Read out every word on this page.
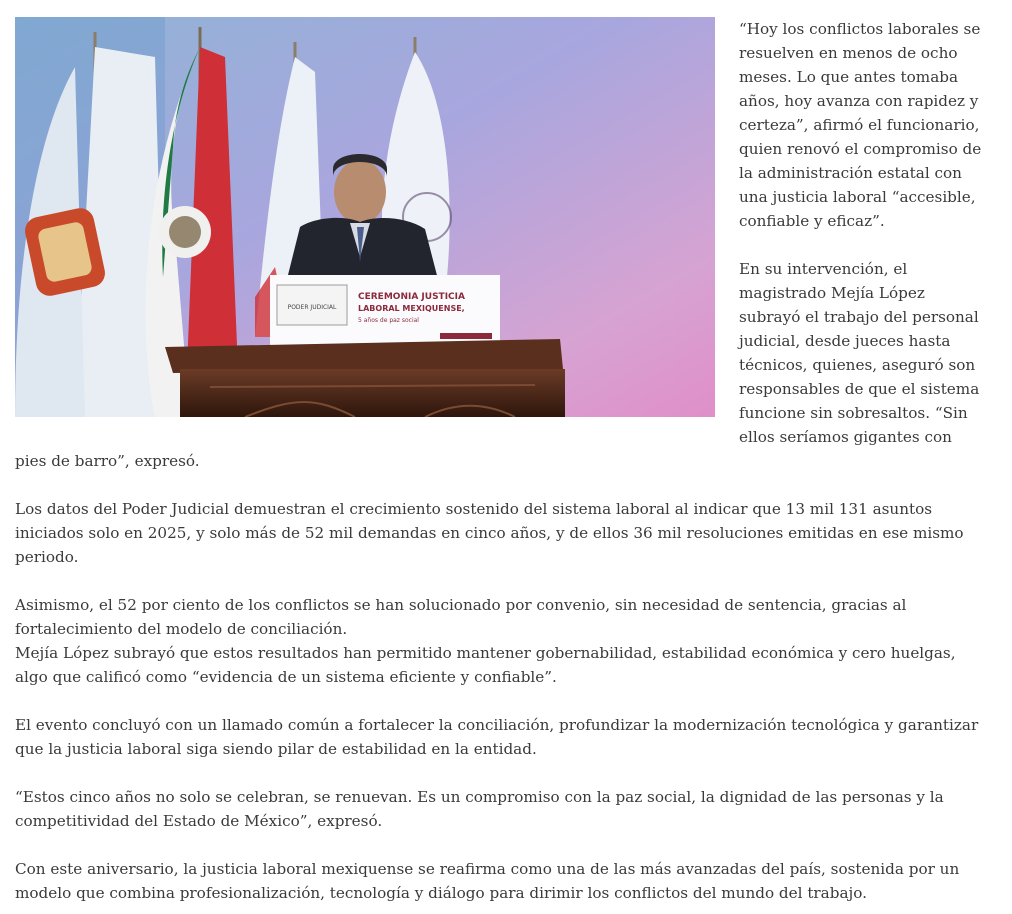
PODER JUDICIAL
CEREMONIA JUSTICIA
LABORAL MEXIQUENSE,
5 años de paz social

“Hoy los conflictos laborales se resuelven en menos de ocho meses. Lo que antes tomaba años, hoy avanza con rapidez y certeza”, afirmó el funcionario, quien renovó el compromiso de la administración estatal con una justicia laboral “accesible, confiable y eficaz”.

En su intervención, el magistrado Mejía López subrayó el trabajo del personal judicial, desde jueces hasta técnicos, quienes, aseguró son responsables de que el sistema funcione sin sobresaltos. “Sin ellos seríamos gigantes con pies de barro”, expresó.

Los datos del Poder Judicial demuestran el crecimiento sostenido del sistema laboral al indicar que 13 mil 131 asuntos iniciados solo en 2025, y solo más de 52 mil demandas en cinco años, y de ellos 36 mil resoluciones emitidas en ese mismo periodo.

Asimismo, el 52 por ciento de los conflictos se han solucionado por convenio, sin necesidad de sentencia, gracias al fortalecimiento del modelo de conciliación.

Mejía López subrayó que estos resultados han permitido mantener gobernabilidad, estabilidad económica y cero huelgas, algo que calificó como “evidencia de un sistema eficiente y confiable”.

El evento concluyó con un llamado común a fortalecer la conciliación, profundizar la modernización tecnológica y garantizar que la justicia laboral siga siendo pilar de estabilidad en la entidad.

“Estos cinco años no solo se celebran, se renuevan. Es un compromiso con la paz social, la dignidad de las personas y la competitividad del Estado de México”, expresó.

Con este aniversario, la justicia laboral mexiquense se reafirma como una de las más avanzadas del país, sostenida por un modelo que combina profesionalización, tecnología y diálogo para dirimir los conflictos del mundo del trabajo.
